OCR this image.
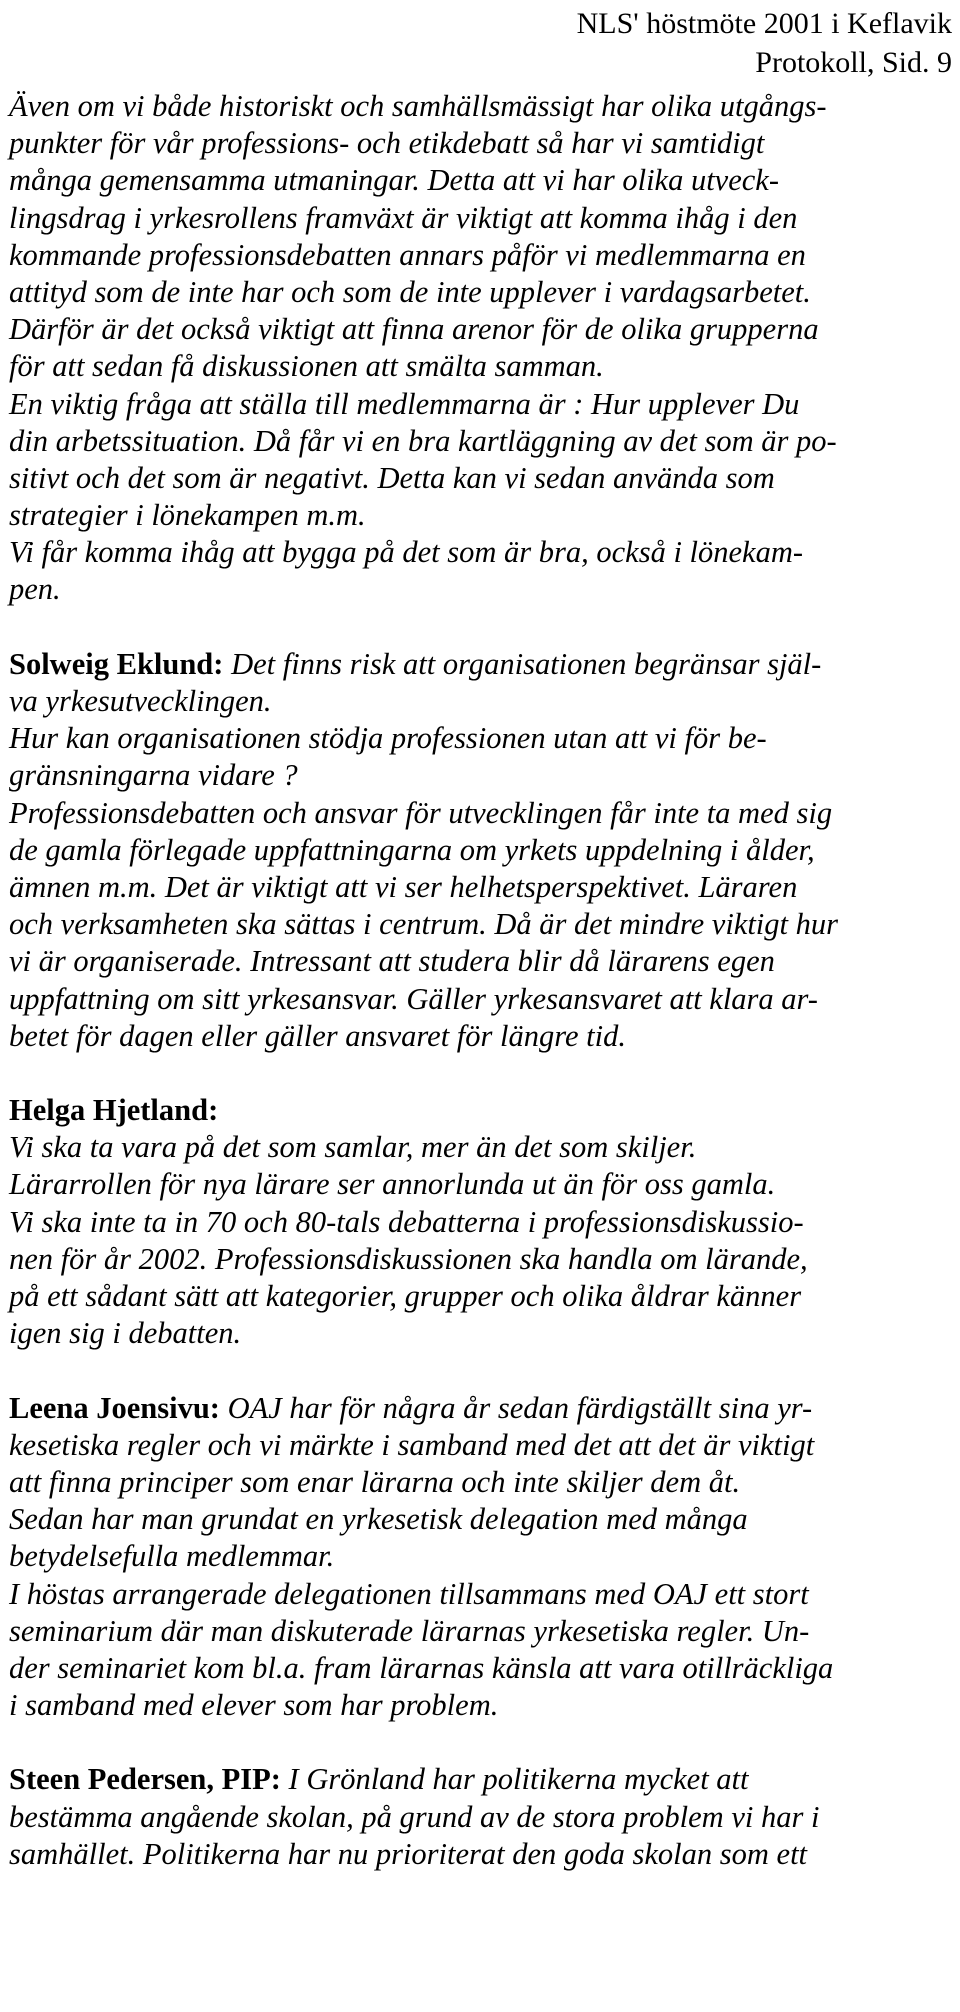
NLS' höstmöte 2001 i Keflavik
Protokoll, Sid. 9
Även om vi både historiskt och samhällsmässigt har olika utgångs-
punkter för vår professions- och etikdebatt så har vi samtidigt
många gemensamma utmaningar. Detta att vi har olika utveck-
lingsdrag i yrkesrollens framväxt är viktigt att komma ihåg i den
kommande professionsdebatten annars påför vi medlemmarna en
attityd som de inte har och som de inte upplever i vardagsarbetet.
Därför är det också viktigt att finna arenor för de olika grupperna
för att sedan få diskussionen att smälta samman.
En viktig fråga att ställa till medlemmarna är : Hur upplever Du
din arbetssituation. Då får vi en bra kartläggning av det som är po-
sitivt och det som är negativt. Detta kan vi sedan använda som
strategier i lönekampen m.m.
Vi får komma ihåg att bygga på det som är bra, också i lönekam-
pen.
Solweig Eklund: Det finns risk att organisationen begränsar själ-
va yrkesutvecklingen.
Hur kan organisationen stödja professionen utan att vi för be-
gränsningarna vidare ?
Professionsdebatten och ansvar för utvecklingen får inte ta med sig
de gamla förlegade uppfattningarna om yrkets uppdelning i ålder,
ämnen m.m. Det är viktigt att vi ser helhetsperspektivet. Läraren
och verksamheten ska sättas i centrum. Då är det mindre viktigt hur
vi är organiserade. Intressant att studera blir då lärarens egen
uppfattning om sitt yrkesansvar. Gäller yrkesansvaret att klara ar-
betet för dagen eller gäller ansvaret för längre tid.
Helga Hjetland:
Vi ska ta vara på det som samlar, mer än det som skiljer.
Lärarrollen för nya lärare ser annorlunda ut än för oss gamla.
Vi ska inte ta in 70 och 80-tals debatterna i professionsdiskussio-
nen för år 2002. Professionsdiskussionen ska handla om lärande,
på ett sådant sätt att kategorier, grupper och olika åldrar känner
igen sig i debatten.
Leena Joensivu: OAJ har för några år sedan färdigställt sina yr-
kesetiska regler och vi märkte i samband med det att det är viktigt
att finna principer som enar lärarna och inte skiljer dem åt.
Sedan har man grundat en yrkesetisk delegation med många
betydelsefulla medlemmar.
I höstas arrangerade delegationen tillsammans med OAJ ett stort
seminarium där man diskuterade lärarnas yrkesetiska regler. Un-
der seminariet kom bl.a. fram lärarnas känsla att vara otillräckliga
i samband med elever som har problem.
Steen Pedersen, PIP: I Grönland har politikerna mycket att
bestämma angående skolan, på grund av de stora problem vi har i
samhället. Politikerna har nu prioriterat den goda skolan som ett
